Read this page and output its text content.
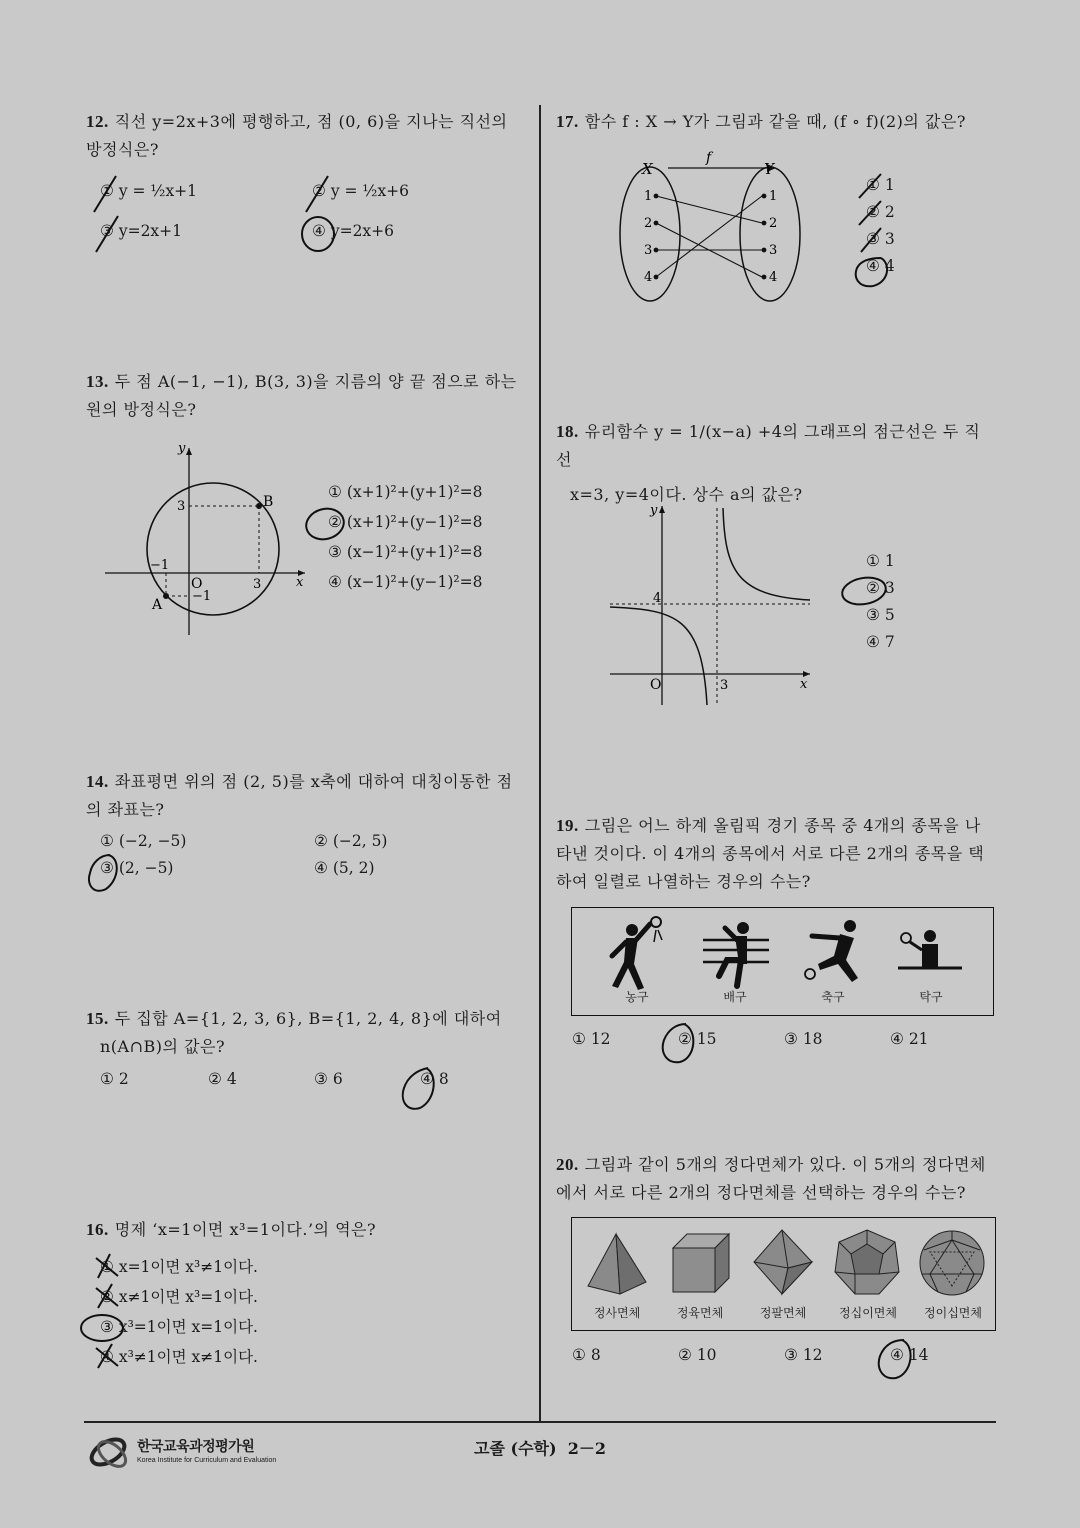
12. 직선 y=2x+3에 평행하고, 점 (0, 6)을 지나는 직선의 방정식은?
① y = ½x+1	② y = ½x+6
③ y=2x+1	④ y=2x+6
13. 두 점 A(−1, −1), B(3, 3)을 지름의 양 끝 점으로 하는 원의 방정식은?
y
x
O
3
3
−1
−1
B
A
① (x+1)²+(y+1)²=8
② (x+1)²+(y−1)²=8
③ (x−1)²+(y+1)²=8
④ (x−1)²+(y−1)²=8
14. 좌표평면 위의 점 (2, 5)를 x축에 대하여 대칭이동한 점의 좌표는?
① (−2, −5)	② (−2, 5)
③ (2, −5)	④ (5, 2)
15. 두 집합 A={1, 2, 3, 6}, B={1, 2, 4, 8}에 대하여
n(A∩B)의 값은?
① 2	② 4	③ 6	④ 8
16. 명제 ‘x=1이면 x³=1이다.’의 역은?
① x=1이면 x³≠1이다.
② x≠1이면 x³=1이다.
③ x³=1이면 x=1이다.
④ x³≠1이면 x≠1이다.
17. 함수 f : X → Y가 그림과 같을 때, (f ∘ f)(2)의 값은?
X	Y
f
1
2
3
4
1
2
3
4
① 1
② 2
③ 3
④ 4
18. 유리함수 y = 1/(x−a) +4의 그래프의 점근선은 두 직선
x=3, y=4이다. 상수 a의 값은?
y
x
O
4
3
① 1
② 3
③ 5
④ 7
19. 그림은 어느 하계 올림픽 경기 종목 중 4개의 종목을 나타낸 것이다. 이 4개의 종목에서 서로 다른 2개의 종목을 택하여 일렬로 나열하는 경우의 수는?
농구	배구	축구	탁구
① 12	② 15	③ 18	④ 21
20. 그림과 같이 5개의 정다면체가 있다. 이 5개의 정다면체에서 서로 다른 2개의 정다면체를 선택하는 경우의 수는?
정사면체	정육면체	정팔면체	정십이면체	정이십면체
① 8	② 10	③ 12	④ 14
한국교육과정평가원
Korea Institute for Curriculum and Evaluation
고졸 (수학)  2－2
